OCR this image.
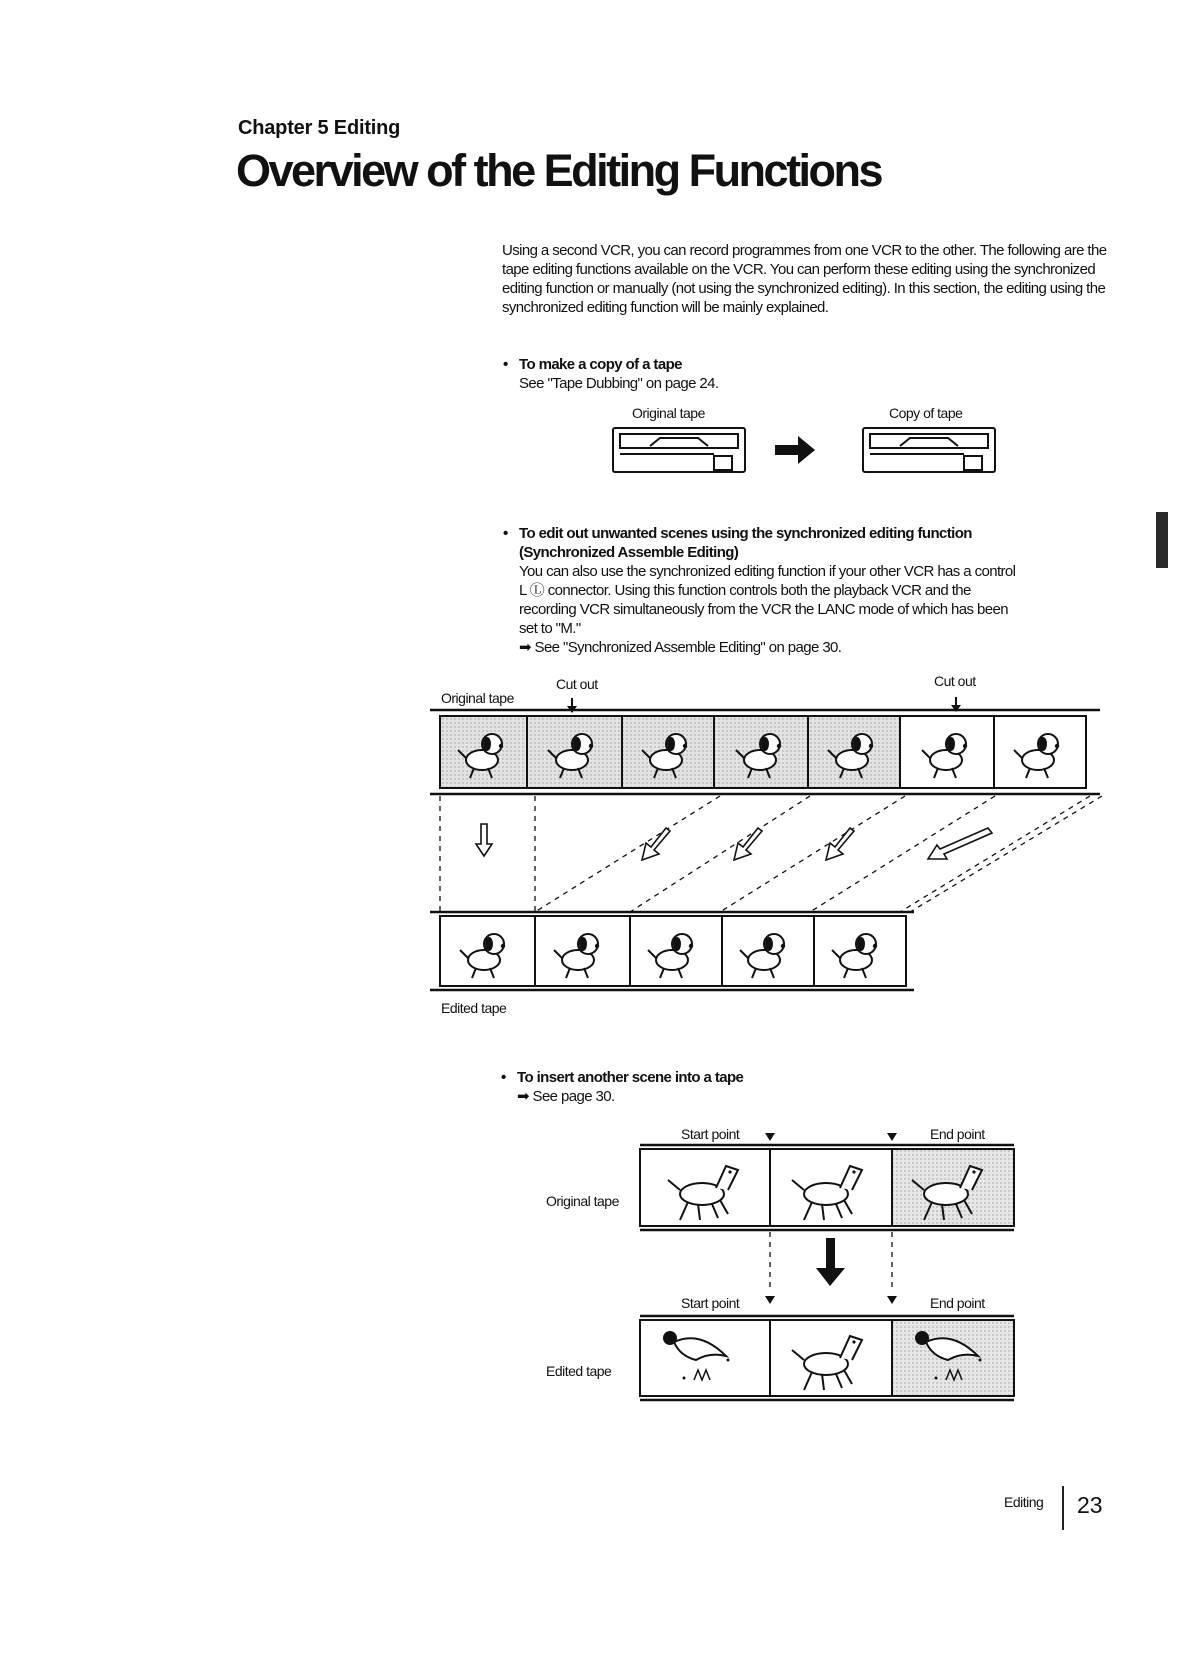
Chapter 5 Editing
Overview of the Editing Functions
Using a second VCR, you can record programmes from one VCR to the other. The following are the tape editing functions available on the VCR. You can perform these editing using the synchronized editing function or manually (not using the synchronized editing). In this section, the editing using the synchronized editing function will be mainly explained.
• To make a copy of a tape
See "Tape Dubbing" on page 24.
Original tape	Copy of tape
• To edit out unwanted scenes using the synchronized editing function
(Synchronized Assemble Editing)
You can also use the synchronized editing function if your other VCR has a control
L Ⓛ connector. Using this function controls both the playback VCR and the
recording VCR simultaneously from the VCR the LANC mode of which has been
set to "M."
➡ See "Synchronized Assemble Editing" on page 30.
Cut out	Cut out
Original tape
Edited tape
• To insert another scene into a tape
➡ See page 30.
Start point	End point
Original tape
Start point	End point
Edited tape
Editing 23
